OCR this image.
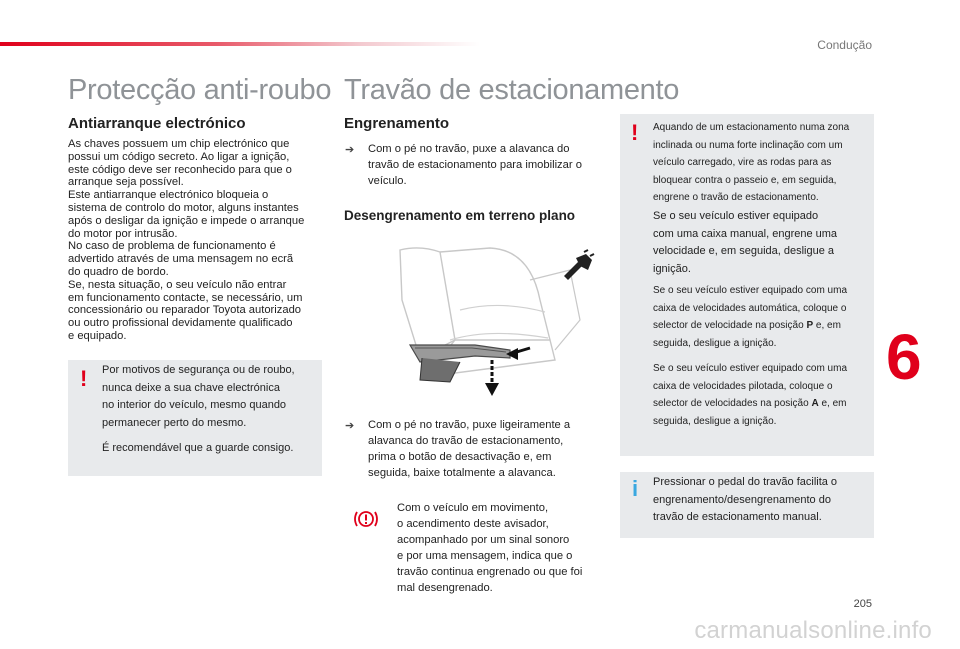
Condução
Protecção anti-roubo
Antiarranque electrónico
As chaves possuem um chip electrónico que
possui um código secreto. Ao ligar a ignição,
este código deve ser reconhecido para que o
arranque seja possível.
Este antiarranque electrónico bloqueia o
sistema de controlo do motor, alguns instantes
após o desligar da ignição e impede o arranque
do motor por intrusão.
No caso de problema de funcionamento é
advertido através de uma mensagem no ecrã
do quadro de bordo.
Se, nesta situação, o seu veículo não entrar
em funcionamento contacte, se necessário, um
concessionário ou reparador Toyota autorizado
ou outro profissional devidamente qualificado
e equipado.
! Por motivos de segurança ou de roubo,
nunca deixe a sua chave electrónica
no interior do veículo, mesmo quando
permanecer perto do mesmo.
É recomendável que a guarde consigo.
Travão de estacionamento
Engrenamento
➔ Com o pé no travão, puxe a alavanca do
travão de estacionamento para imobilizar o
veículo.
Desengrenamento em terreno plano
➔ Com o pé no travão, puxe ligeiramente a
alavanca do travão de estacionamento,
prima o botão de desactivação e, em
seguida, baixe totalmente a alavanca.
Com o veículo em movimento,
o acendimento deste avisador,
acompanhado por um sinal sonoro
e por uma mensagem, indica que o
travão continua engrenado ou que foi
mal desengrenado.
! Aquando de um estacionamento numa zona
inclinada ou numa forte inclinação com um
veículo carregado, vire as rodas para as
bloquear contra o passeio e, em seguida,
engrene o travão de estacionamento.
Se o seu veículo estiver equipado
com uma caixa manual, engrene uma
velocidade e, em seguida, desligue a
ignição.
Se o seu veículo estiver equipado com uma
caixa de velocidades automática, coloque o
selector de velocidade na posição P e, em
seguida, desligue a ignição.
Se o seu veículo estiver equipado com uma
caixa de velocidades pilotada, coloque o
selector de velocidades na posição A e, em
seguida, desligue a ignição.
i Pressionar o pedal do travão facilita o
engrenamento/desengrenamento do
travão de estacionamento manual.
6
205
carmanualsonline.info
